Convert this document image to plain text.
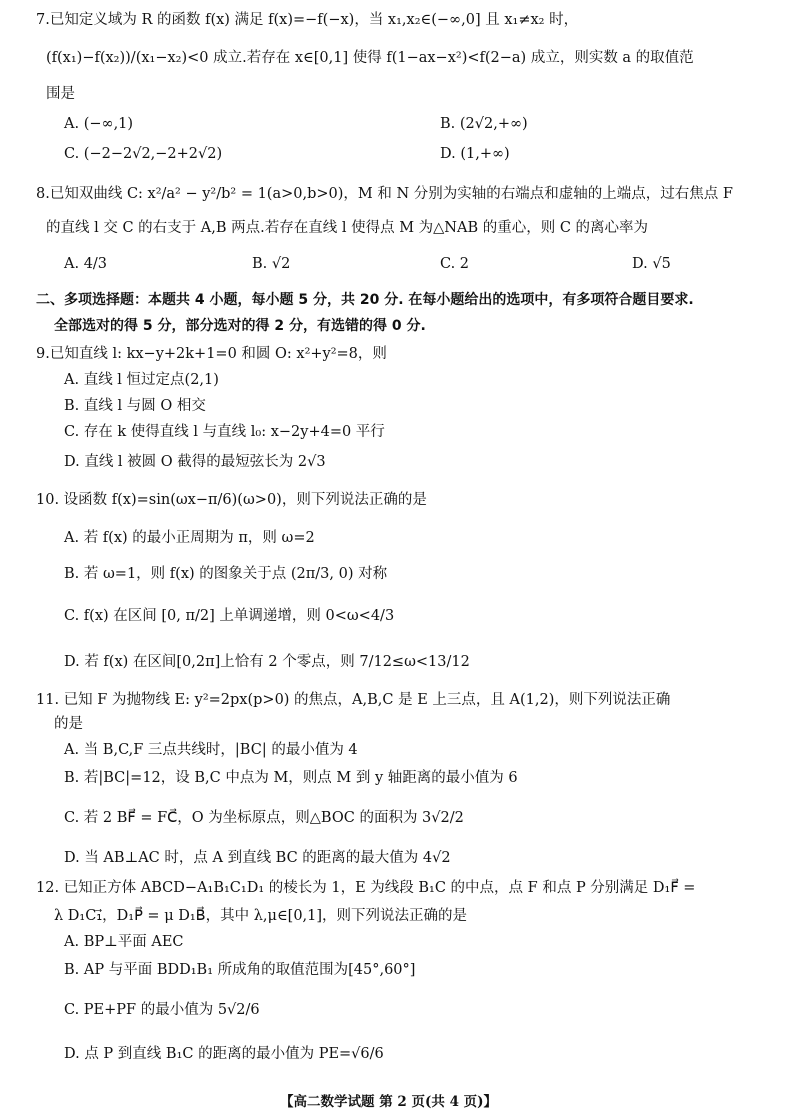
7.已知定义域为 R 的函数 f(x) 满足 f(x)=−f(−x)，当 x₁,x₂∈(−∞,0] 且 x₁≠x₂ 时，
(f(x₁)−f(x₂))/(x₁−x₂)<0 成立.若存在 x∈[0,1] 使得 f(1−ax−x²)<f(2−a) 成立，则实数 a 的取值范
围是
A. (−∞,1)	B. (2√2,+∞)
C. (−2−2√2,−2+2√2)	D. (1,+∞)
8.已知双曲线 C: x²/a² − y²/b² = 1(a>0,b>0)，M 和 N 分别为实轴的右端点和虚轴的上端点，过右焦点 F
的直线 l 交 C 的右支于 A,B 两点.若存在直线 l 使得点 M 为△NAB 的重心，则 C 的离心率为
A. 4/3	B. √2	C. 2	D. √5
二、多项选择题：本题共 4 小题，每小题 5 分，共 20 分. 在每小题给出的选项中，有多项符合题目要求.
全部选对的得 5 分，部分选对的得 2 分，有选错的得 0 分.
9.已知直线 l: kx−y+2k+1=0 和圆 O: x²+y²=8，则
A. 直线 l 恒过定点(2,1)
B. 直线 l 与圆 O 相交
C. 存在 k 使得直线 l 与直线 l₀: x−2y+4=0 平行
D. 直线 l 被圆 O 截得的最短弦长为 2√3
10. 设函数 f(x)=sin(ωx−π/6)(ω>0)，则下列说法正确的是
A. 若 f(x) 的最小正周期为 π，则 ω=2
B. 若 ω=1，则 f(x) 的图象关于点 (2π/3, 0) 对称
C. f(x) 在区间 [0, π/2] 上单调递增，则 0<ω<4/3
D. 若 f(x) 在区间[0,2π]上恰有 2 个零点，则 7/12≤ω<13/12
11. 已知 F 为抛物线 E: y²=2px(p>0) 的焦点，A,B,C 是 E 上三点，且 A(1,2)，则下列说法正确
的是
A. 当 B,C,F 三点共线时，|BC| 的最小值为 4
B. 若|BC|=12，设 B,C 中点为 M，则点 M 到 y 轴距离的最小值为 6
C. 若 2 BF⃗ = FC⃗，O 为坐标原点，则△BOC 的面积为 3√2/2
D. 当 AB⊥AC 时，点 A 到直线 BC 的距离的最大值为 4√2
12. 已知正方体 ABCD−A₁B₁C₁D₁ 的棱长为 1，E 为线段 B₁C 的中点，点 F 和点 P 分别满足 D₁F⃗ =
λ D₁C₁⃗，D₁P⃗ = μ D₁B⃗，其中 λ,μ∈[0,1]，则下列说法正确的是
A. BP⊥平面 AEC
B. AP 与平面 BDD₁B₁ 所成角的取值范围为[45°,60°]
C. PE+PF 的最小值为 5√2/6
D. 点 P 到直线 B₁C 的距离的最小值为 PE=√6/6
【高二数学试题 第 2 页(共 4 页)】
